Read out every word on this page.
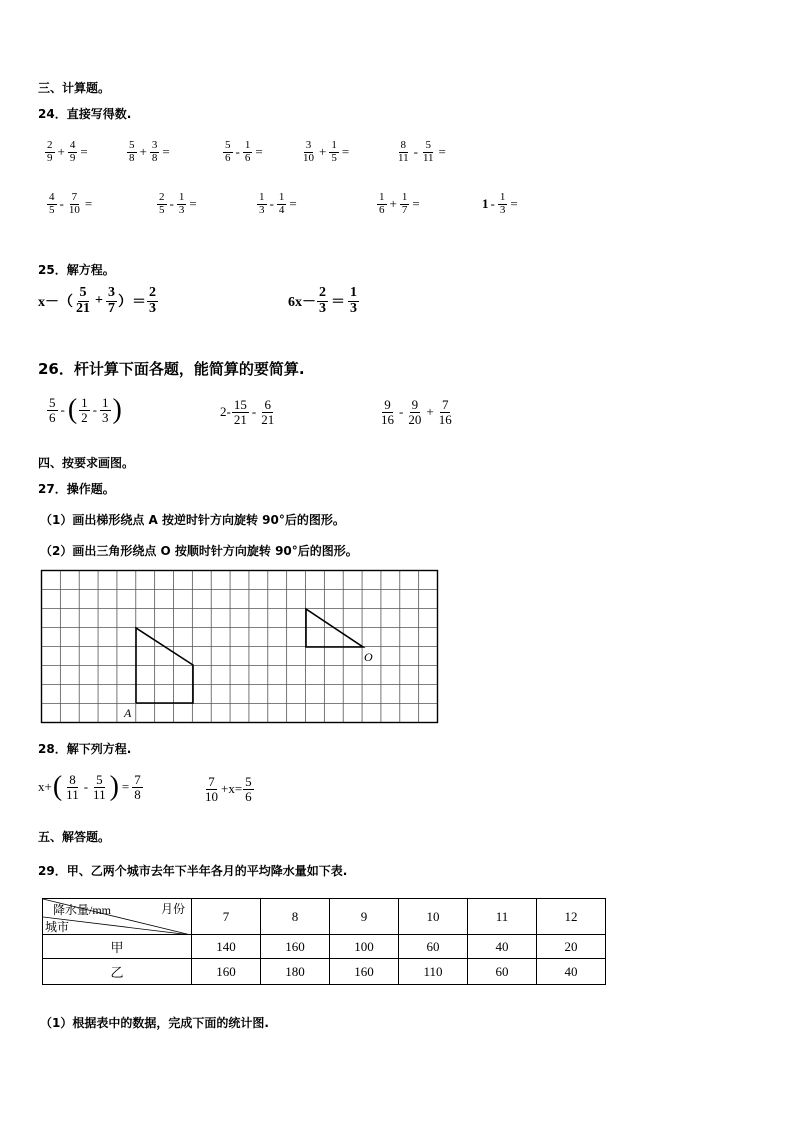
三、计算题。
24．直接写得数.
$\frac{2}{9} + \frac{4}{9}$ =	$\frac{5}{8} + \frac{3}{8}$ =	$\frac{5}{6} - \frac{1}{6}$ =	$\frac{3}{10} + \frac{1}{5}$ =	$\frac{8}{11} - \frac{5}{11}$ =
$\frac{4}{5} - \frac{7}{10}$ =	$\frac{2}{5} - \frac{1}{3}$ =	$\frac{1}{3} - \frac{1}{4}$ =	$\frac{1}{6} + \frac{1}{7}$ =	$1 - \frac{1}{3}$ =
25．解方程。
$x-( \frac{5}{21} + \frac{3}{7}$ ）＝ $\frac{2}{3}$	$6x- \frac{2}{3} = \frac{1}{3}$
26．杆计算下面各题，能简算的要简算.
$\frac{5}{6}$ - ( $\frac{1}{2} - \frac{1}{3}$ )	$2- \frac{15}{21} - \frac{6}{21}$	$\frac{9}{16} - \frac{9}{20} + \frac{7}{16}$
四、按要求画图。
27．操作题。
（1）画出梯形绕点 A 按逆时针方向旋转 90°后的图形。
（2）画出三角形绕点 O 按顺时针方向旋转 90°后的图形。
A
O
28．解下列方程.
x+ ( $\frac{8}{11} - \frac{5}{11}$ ) = $\frac{7}{8}$	$\frac{7}{10} +x= \frac{5}{6}$
五、解答题。
29．甲、乙两个城市去年下半年各月的平均降水量如下表.
降水量/mm 月份
城市	7	8	9	10	11	12
甲	140	160	100	60	40	20
乙	160	180	160	110	60	40
（1）根据表中的数据，完成下面的统计图.
